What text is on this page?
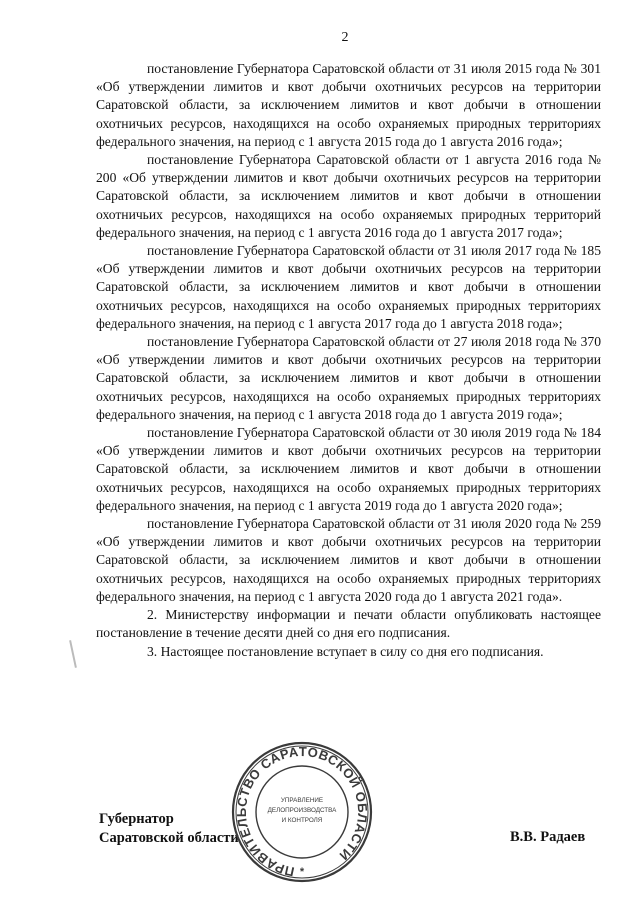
2

постановление Губернатора Саратовской области от 31 июля 2015 года № 301 «Об утверждении лимитов и квот добычи охотничьих ресурсов на территории Саратовской области, за исключением лимитов и квот добычи в отношении охотничьих ресурсов, находящихся на особо охраняемых природных территориях федерального значения, на период с 1 августа 2015 года до 1 августа 2016 года»;

постановление Губернатора Саратовской области от 1 августа 2016 года № 200 «Об утверждении лимитов и квот добычи охотничьих ресурсов на территории Саратовской области, за исключением лимитов и квот добычи в отношении охотничьих ресурсов, находящихся на особо охраняемых природных территорий федерального значения, на период с 1 августа 2016 года до 1 августа 2017 года»;

постановление Губернатора Саратовской области от 31 июля 2017 года № 185 «Об утверждении лимитов и квот добычи охотничьих ресурсов на территории Саратовской области, за исключением лимитов и квот добычи в отношении охотничьих ресурсов, находящихся на особо охраняемых природных территориях федерального значения, на период с 1 августа 2017 года до 1 августа 2018 года»;

постановление Губернатора Саратовской области от 27 июля 2018 года № 370 «Об утверждении лимитов и квот добычи охотничьих ресурсов на территории Саратовской области, за исключением лимитов и квот добычи в отношении охотничьих ресурсов, находящихся на особо охраняемых природных территориях федерального значения, на период с 1 августа 2018 года до 1 августа 2019 года»;

постановление Губернатора Саратовской области от 30 июля 2019 года № 184 «Об утверждении лимитов и квот добычи охотничьих ресурсов на территории Саратовской области, за исключением лимитов и квот добычи в отношении охотничьих ресурсов, находящихся на особо охраняемых природных территориях федерального значения, на период с 1 августа 2019 года до 1 августа 2020 года»;

постановление Губернатора Саратовской области от 31 июля 2020 года № 259 «Об утверждении лимитов и квот добычи охотничьих ресурсов на территории Саратовской области, за исключением лимитов и квот добычи в отношении охотничьих ресурсов, находящихся на особо охраняемых природных территориях федерального значения, на период с 1 августа 2020 года до 1 августа 2021 года».

2. Министерству информации и печати области опубликовать настоящее постановление в течение десяти дней со дня его подписания.

3. Настоящее постановление вступает в силу со дня его подписания.

Губернатор
Саратовской области
ПРАВИТЕЛЬСТВО САРАТОВСКОЙ ОБЛАСТИ
УПРАВЛЕНИЕ
ДЕЛОПРОИЗВОДСТВА
И КОНТРОЛЯ
*
В.В. Радаев
